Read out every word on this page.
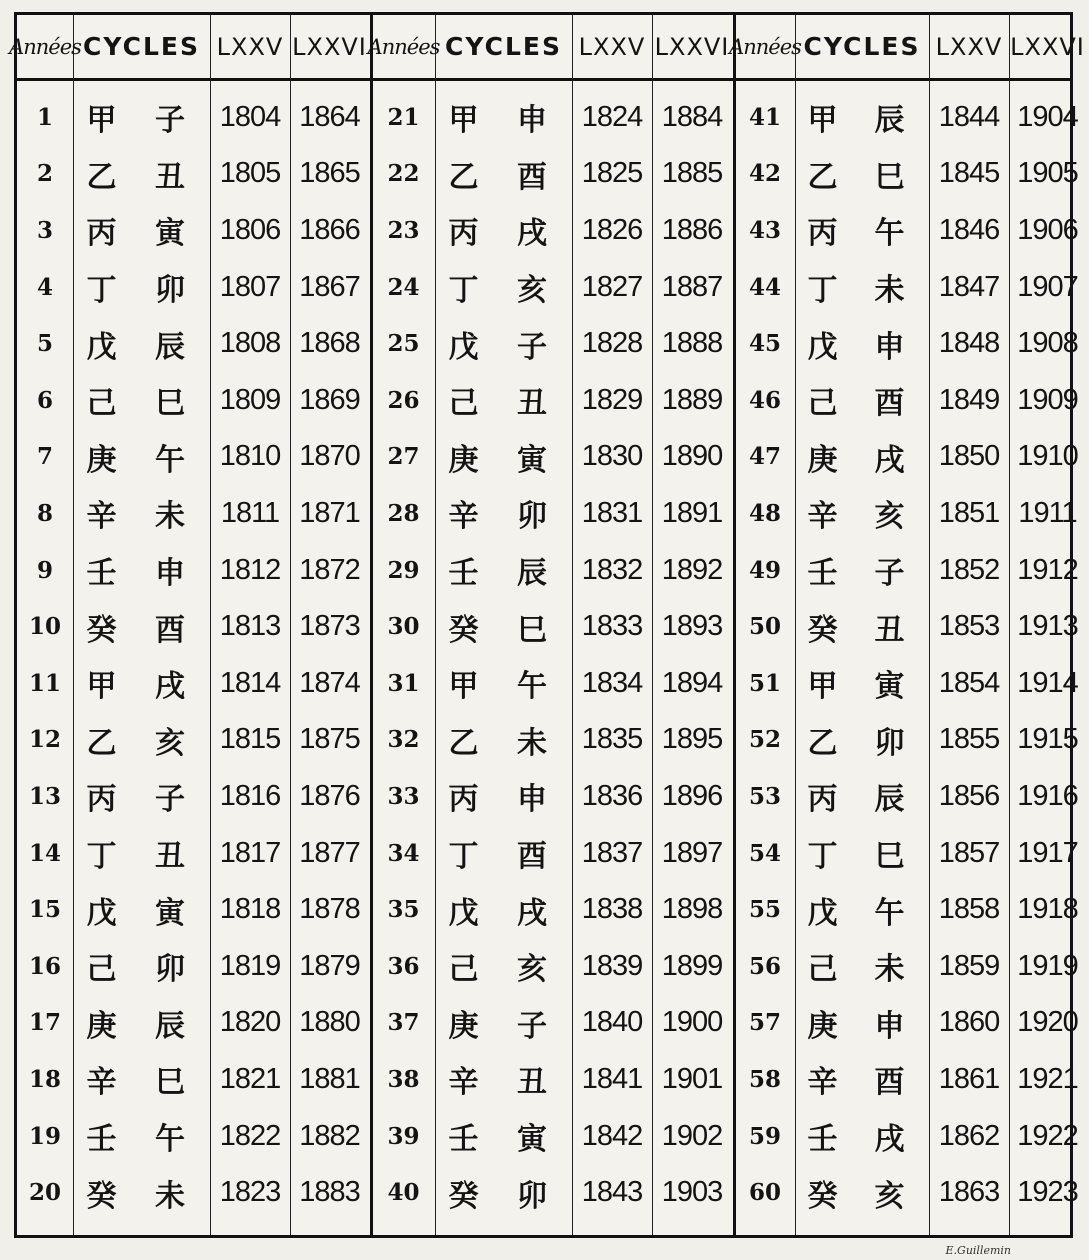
Années CYCLES LXXV LXXVI
1	甲	子	1804 1864
2	乙	丑	1805 1865
3	丙	寅	1806 1866
4	丁	卯	1807 1867
5	戊	辰	1808 1868
6	己	巳	1809 1869
7	庚	午	1810 1870
8	辛	未	1811 1871
9	壬	申	1812 1872
10 癸	酉	1813 1873
11 甲	戌	1814 1874
12 乙	亥	1815 1875
13 丙	子	1816 1876
14 丁	丑	1817 1877
15 戊	寅	1818 1878
16 己	卯	1819 1879
17 庚	辰	1820 1880
18 辛	巳	1821 1881
19 壬	午	1822 1882
20 癸	未	1823 1883
Années CYCLES LXXV LXXVI
21 甲	申	1824 1884
22 乙	酉	1825 1885
23 丙	戌	1826 1886
24 丁	亥	1827 1887
25 戊	子	1828 1888
26 己	丑	1829 1889
27 庚	寅	1830 1890
28 辛	卯	1831 1891
29 壬	辰	1832 1892
30 癸	巳	1833 1893
31 甲	午	1834 1894
32 乙	未	1835 1895
33 丙	申	1836 1896
34 丁	酉	1837 1897
35 戊	戌	1838 1898
36 己	亥	1839 1899
37 庚	子	1840 1900
38 辛	丑	1841 1901
39 壬	寅	1842 1902
40 癸	卯	1843 1903
Années CYCLES LXXV LXXVI
41 甲	辰	1844 1904
42 乙	巳	1845 1905
43 丙	午	1846 1906
44 丁	未	1847 1907
45 戊	申	1848 1908
46 己	酉	1849 1909
47 庚	戌	1850 1910
48 辛	亥	1851 1911
49 壬	子	1852 1912
50 癸	丑	1853 1913
51 甲	寅	1854 1914
52 乙	卯	1855 1915
53 丙	辰	1856 1916
54 丁	巳	1857 1917
55 戊	午	1858 1918
56 己	未	1859 1919
57 庚	申	1860 1920
58 辛	酉	1861 1921
59 壬	戌	1862 1922
60 癸	亥	1863 1923
E.Guillemin
